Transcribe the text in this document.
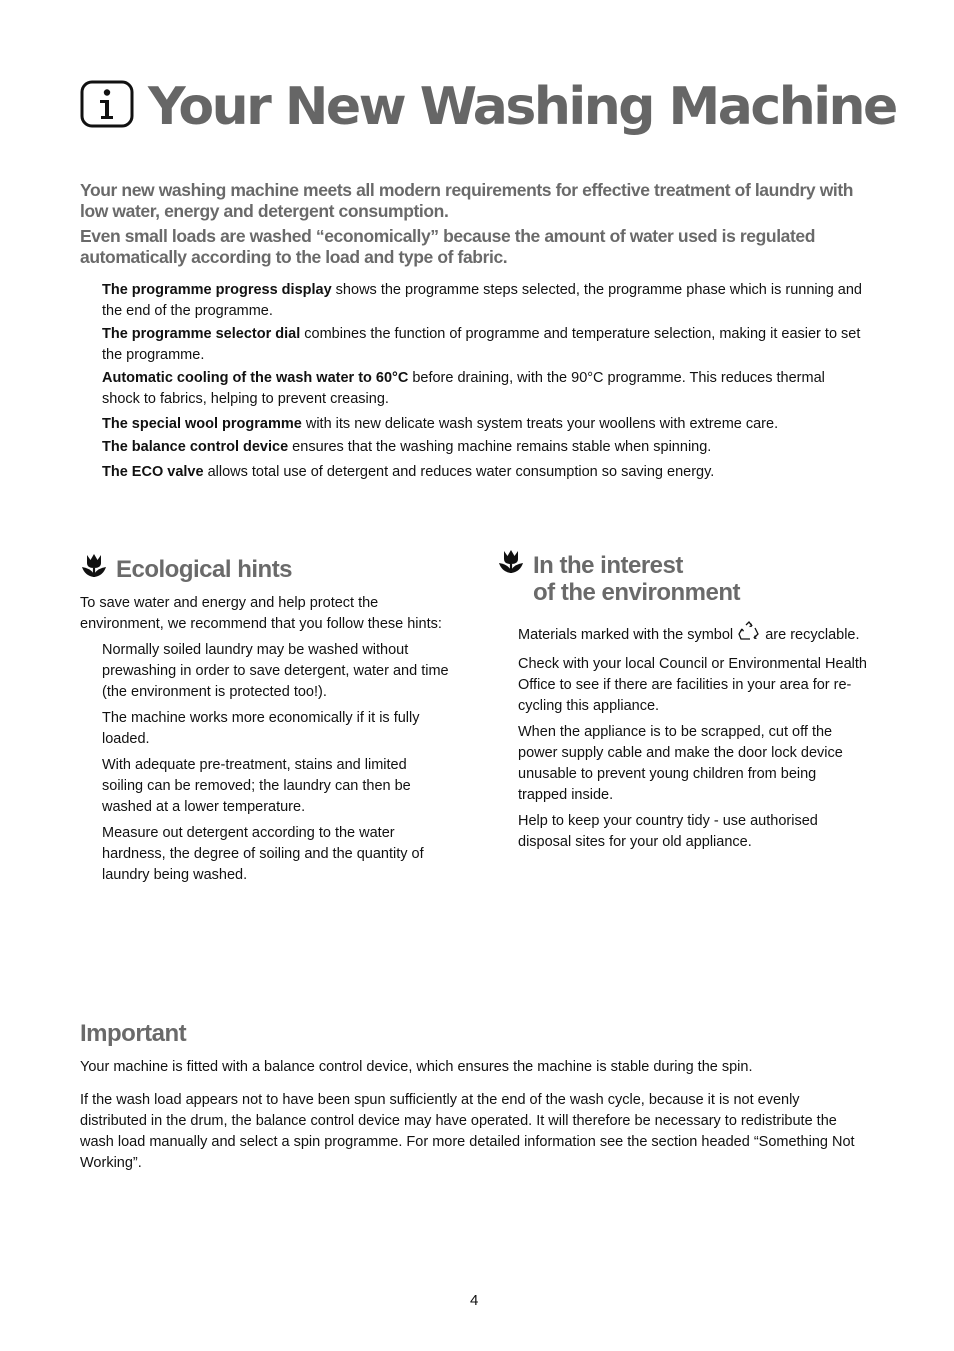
Your New Washing Machine

Your new washing machine meets all modern requirements for effective treatment of laundry with low water, energy and detergent consumption.

Even small loads are washed “economically” because the amount of water used is regulated automatically according to the load and type of fabric.

The programme progress display shows the programme steps selected, the programme phase which is running and the end of the programme.
The programme selector dial combines the function of programme and temperature selection, making it easier to set the programme.
Automatic cooling of the wash water to 60°C before draining, with the 90°C programme. This reduces thermal shock to fabrics, helping to prevent creasing.
The special wool programme with its new delicate wash system treats your woollens with extreme care.
The balance control device ensures that the washing machine remains stable when spinning.
The ECO valve allows total use of detergent and reduces water consumption so saving energy.
Ecological hints

To save water and energy and help protect the environment, we recommend that you follow these hints:

Normally soiled laundry may be washed without prewashing in order to save detergent, water and time (the environment is protected too!).

The machine works more economically if it is fully loaded.

With adequate pre-treatment, stains and limited soiling can be removed; the laundry can then be washed at a lower temperature.

Measure out detergent according to the water hardness, the degree of soiling and the quantity of laundry being washed.

In the interest
of the environment

Materials marked with the symbol are recyclable.

Check with your local Council or Environmental Health Office to see if there are facilities in your area for re-cycling this appliance.

When the appliance is to be scrapped, cut off the power supply cable and make the door lock device unusable to prevent young children from being trapped inside.

Help to keep your country tidy - use authorised disposal sites for your old appliance.

Important

Your machine is fitted with a balance control device, which ensures the machine is stable during the spin.

If the wash load appears not to have been spun sufficiently at the end of the wash cycle, because it is not evenly distributed in the drum, the balance control device may have operated. It will therefore be necessary to redistribute the wash load manually and select a spin programme. For more detailed information see the section headed “Something Not Working”.

4
